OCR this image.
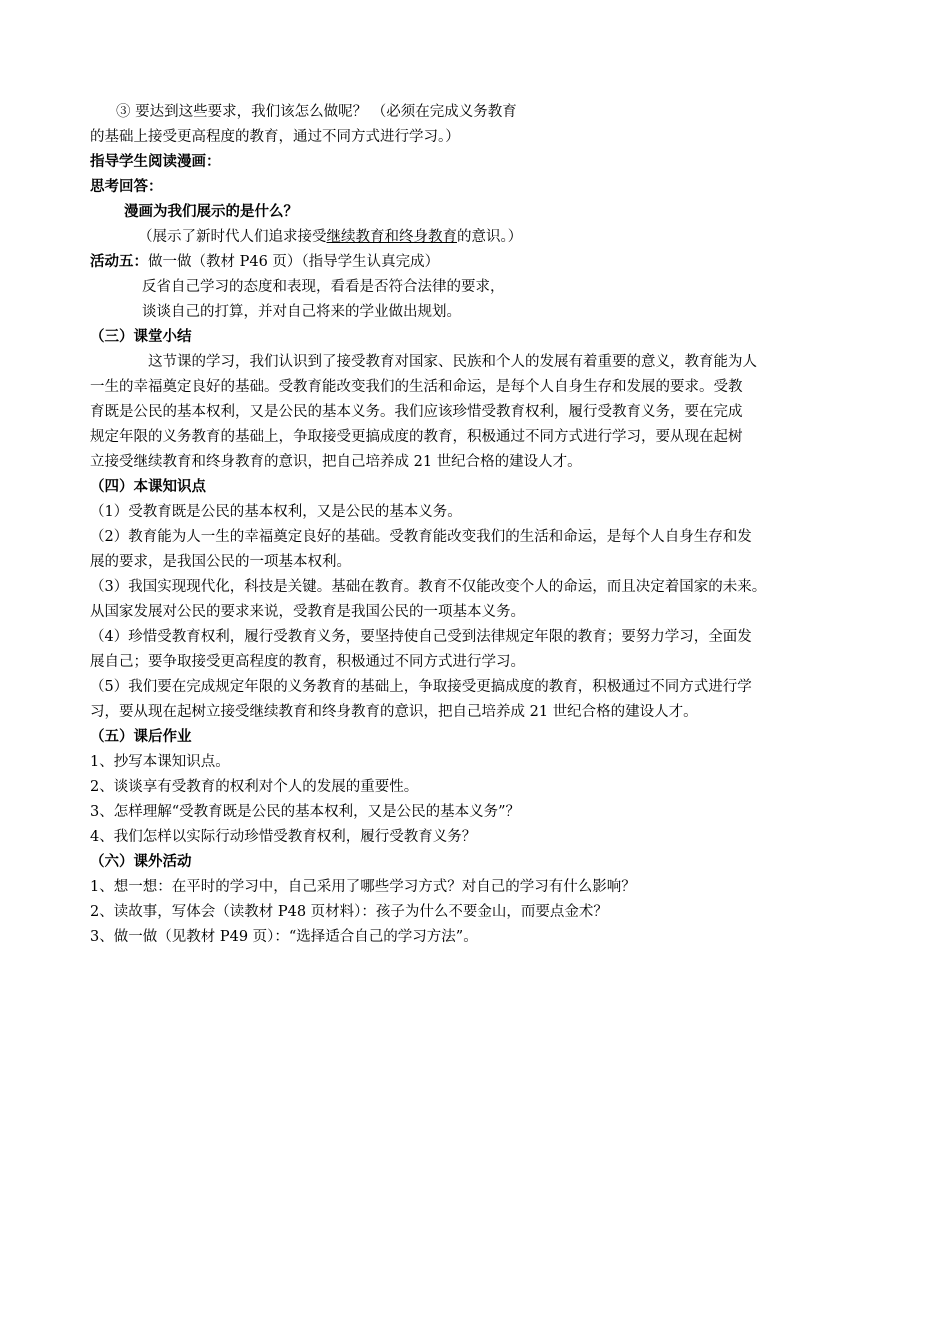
③ 要达到这些要求，我们该怎么做呢？ （必须在完成义务教育
的基础上接受更高程度的教育，通过不同方式进行学习。）
指导学生阅读漫画：
思考回答：
漫画为我们展示的是什么？
（展示了新时代人们追求接受继续教育和终身教育的意识。）
活动五：做一做（教材 P46 页）（指导学生认真完成）
反省自己学习的态度和表现，看看是否符合法律的要求，
谈谈自己的打算，并对自己将来的学业做出规划。
（三）课堂小结
这节课的学习，我们认识到了接受教育对国家、民族和个人的发展有着重要的意义，教育能为人
一生的幸福奠定良好的基础。受教育能改变我们的生活和命运，是每个人自身生存和发展的要求。受教
育既是公民的基本权利，又是公民的基本义务。我们应该珍惜受教育权利，履行受教育义务，要在完成
规定年限的义务教育的基础上，争取接受更搞成度的教育，积极通过不同方式进行学习，要从现在起树
立接受继续教育和终身教育的意识，把自己培养成 21 世纪合格的建设人才。
（四）本课知识点
（1）受教育既是公民的基本权利，又是公民的基本义务。
（2）教育能为人一生的幸福奠定良好的基础。受教育能改变我们的生活和命运，是每个人自身生存和发
展的要求，是我国公民的一项基本权利。
（3）我国实现现代化，科技是关键。基础在教育。教育不仅能改变个人的命运，而且决定着国家的未来。
从国家发展对公民的要求来说，受教育是我国公民的一项基本义务。
（4）珍惜受教育权利，履行受教育义务，要坚持使自己受到法律规定年限的教育；要努力学习，全面发
展自己；要争取接受更高程度的教育，积极通过不同方式进行学习。
（5）我们要在完成规定年限的义务教育的基础上，争取接受更搞成度的教育，积极通过不同方式进行学
习，要从现在起树立接受继续教育和终身教育的意识，把自己培养成 21 世纪合格的建设人才。
（五）课后作业
1、抄写本课知识点。
2、谈谈享有受教育的权利对个人的发展的重要性。
3、怎样理解“受教育既是公民的基本权利，又是公民的基本义务”？
4、我们怎样以实际行动珍惜受教育权利，履行受教育义务？
（六）课外活动
1、想一想：在平时的学习中，自己采用了哪些学习方式？对自己的学习有什么影响？
2、读故事，写体会（读教材 P48 页材料）：孩子为什么不要金山，而要点金术？
3、做一做（见教材 P49 页）：“选择适合自己的学习方法”。
